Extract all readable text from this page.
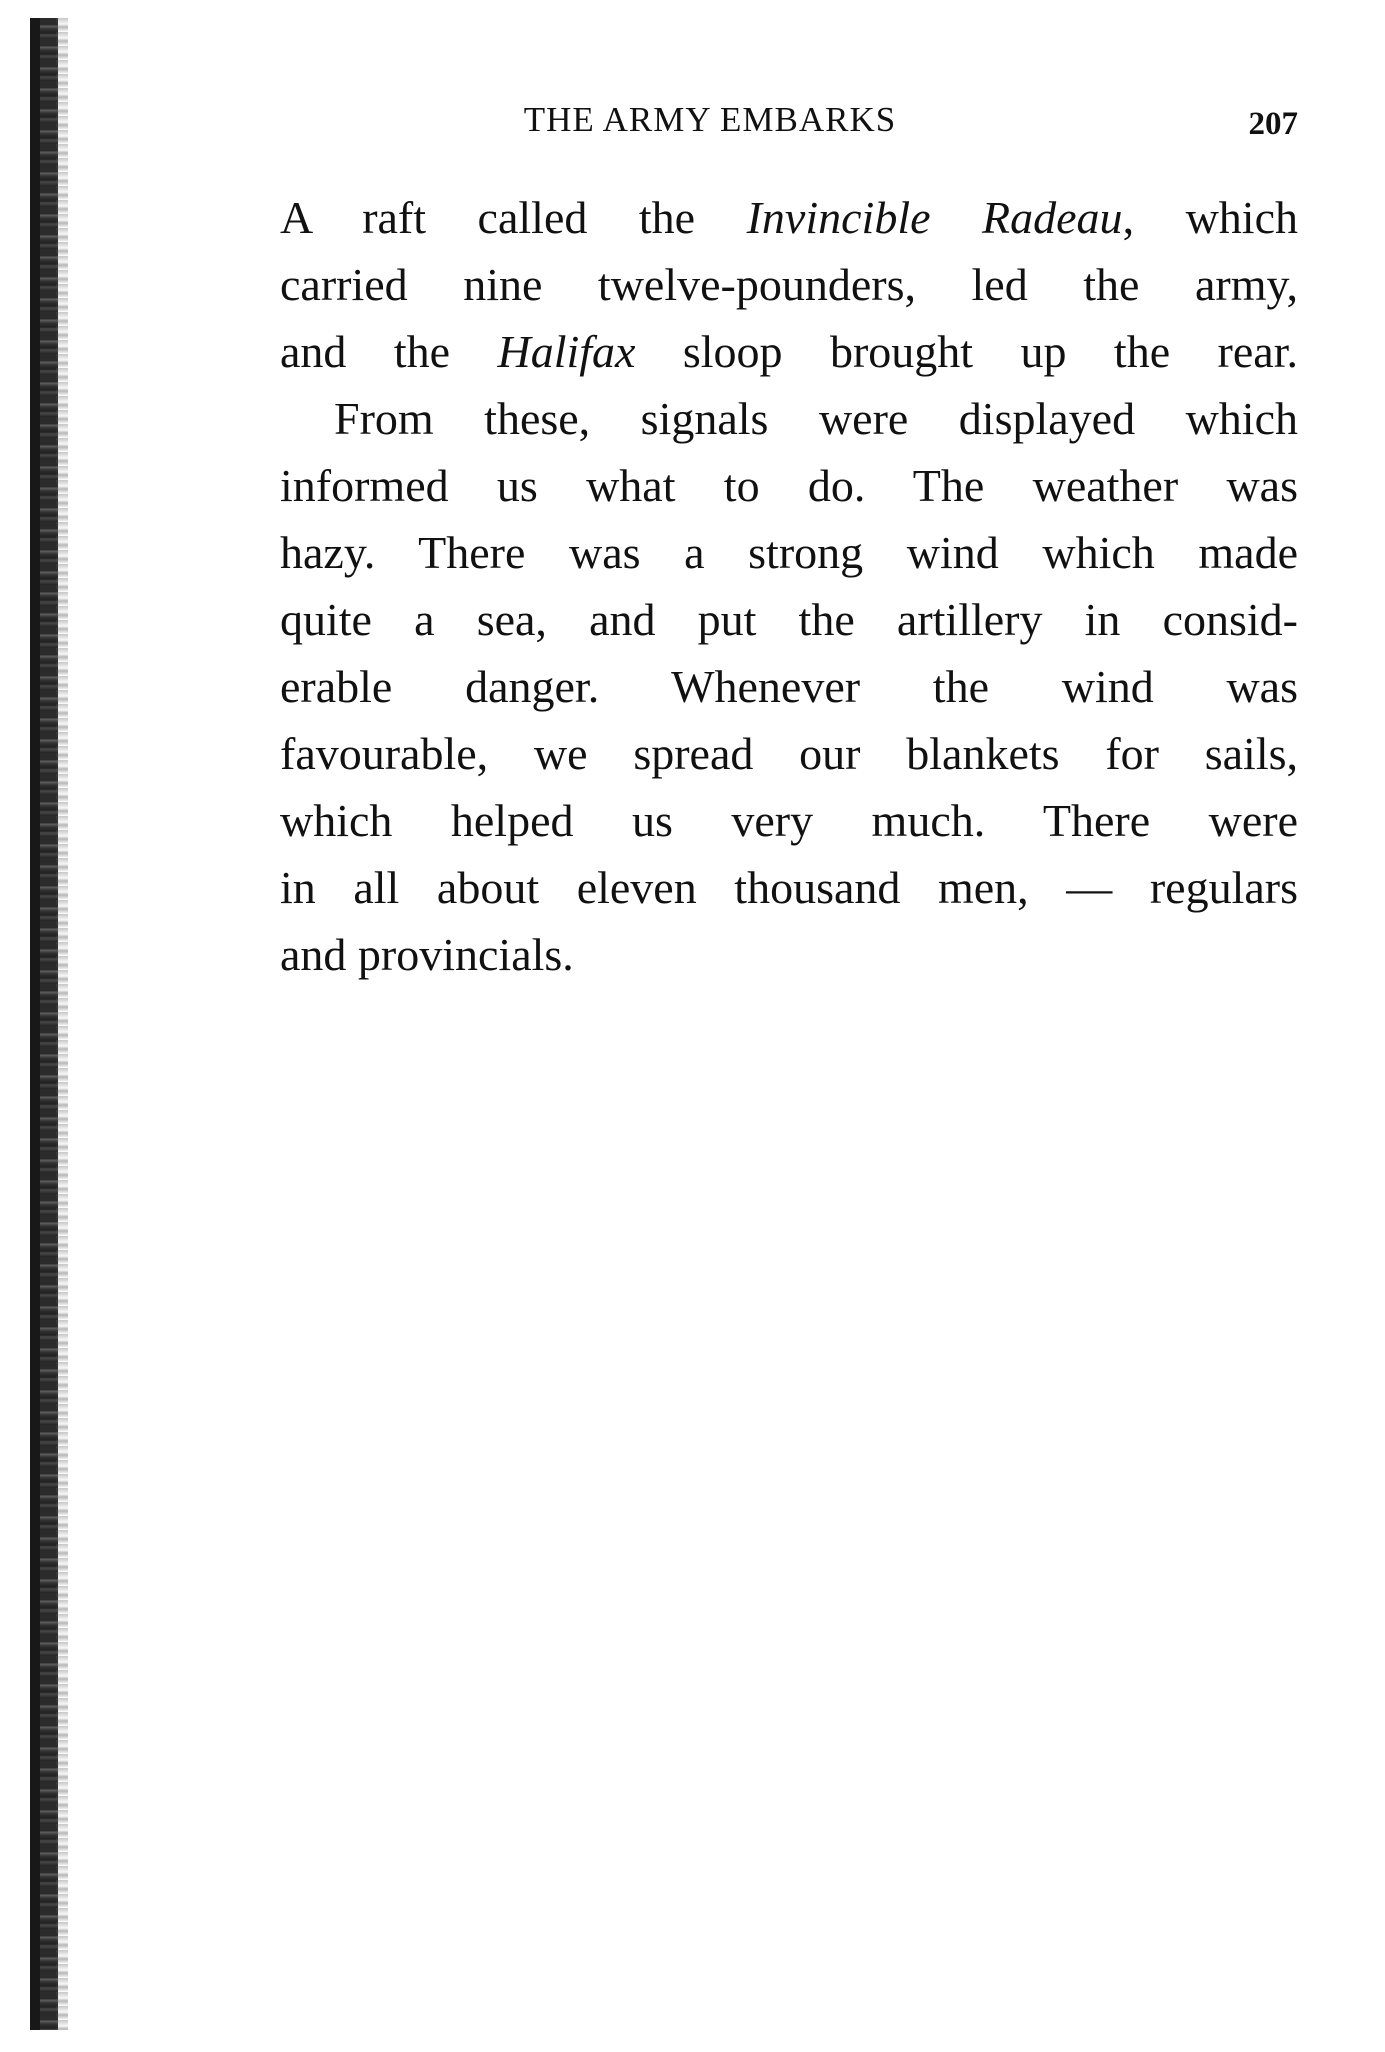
THE ARMY EMBARKS	207
A raft called the Invincible Radeau, which
carried nine twelve-pounders, led the army,
and the Halifax sloop brought up the rear.
From these, signals were displayed which
informed us what to do. The weather was
hazy. There was a strong wind which made
quite a sea, and put the artillery in consid-
erable danger. Whenever the wind was
favourable, we spread our blankets for sails,
which helped us very much. There were
in all about eleven thousand men, — regulars
and provincials.
